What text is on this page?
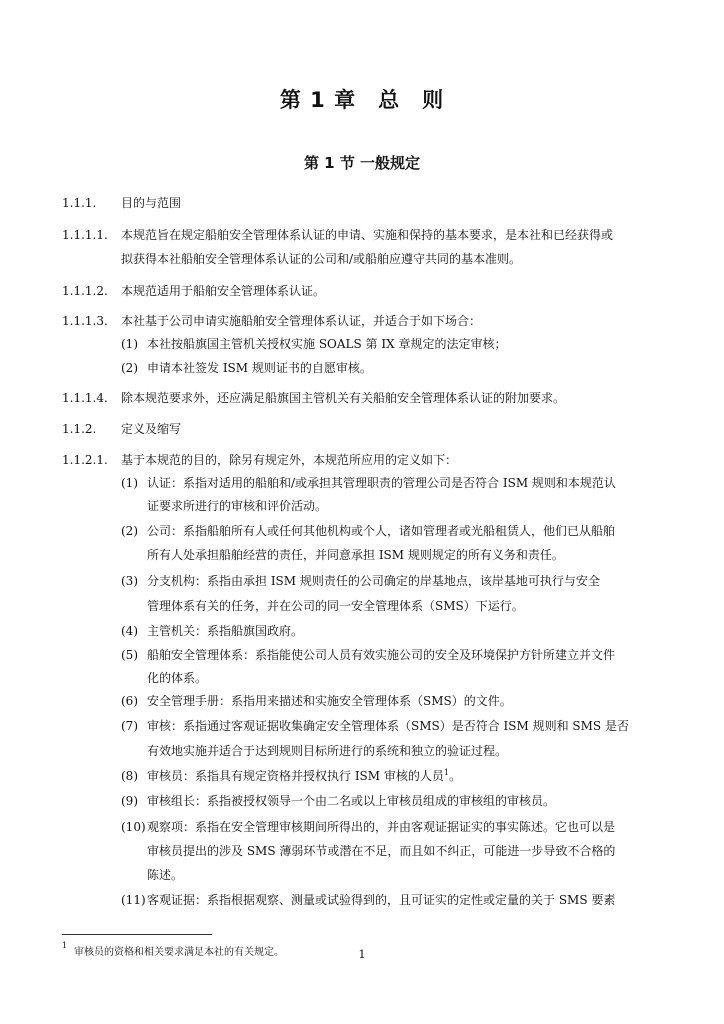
第 1 章　总　则
第 1 节 一般规定
1.1.1. 目的与范围
1.1.1.1. 本规范旨在规定船舶安全管理体系认证的申请、实施和保持的基本要求，是本社和已经获得或
拟获得本社船舶安全管理体系认证的公司和/或船舶应遵守共同的基本准则。
1.1.1.2. 本规范适用于船舶安全管理体系认证。
1.1.1.3. 本社基于公司申请实施船舶安全管理体系认证，并适合于如下场合：
(1) 本社按船旗国主管机关授权实施 SOALS 第 IX 章规定的法定审核；
(2) 申请本社签发 ISM 规则证书的自愿审核。
1.1.1.4. 除本规范要求外，还应满足船旗国主管机关有关船舶安全管理体系认证的附加要求。
1.1.2. 定义及缩写
1.1.2.1. 基于本规范的目的，除另有规定外，本规范所应用的定义如下：
(1) 认证：系指对适用的船舶和/或承担其管理职责的管理公司是否符合 ISM 规则和本规范认
证要求所进行的审核和评价活动。
(2) 公司：系指船舶所有人或任何其他机构或个人，诸如管理者或光船租赁人，他们已从船舶
所有人处承担船舶经营的责任，并同意承担 ISM 规则规定的所有义务和责任。
(3) 分支机构：系指由承担 ISM 规则责任的公司确定的岸基地点，该岸基地可执行与安全
管理体系有关的任务，并在公司的同一安全管理体系（SMS）下运行。
(4) 主管机关：系指船旗国政府。
(5) 船舶安全管理体系：系指能使公司人员有效实施公司的安全及环境保护方针所建立并文件
化的体系。
(6) 安全管理手册：系指用来描述和实施安全管理体系（SMS）的文件。
(7) 审核：系指通过客观证据收集确定安全管理体系（SMS）是否符合 ISM 规则和 SMS 是否
有效地实施并适合于达到规则目标所进行的系统和独立的验证过程。
(8) 审核员：系指具有规定资格并授权执行 ISM 审核的人员$^1$。
(9) 审核组长：系指被授权领导一个由二名或以上审核员组成的审核组的审核员。
(10) 观察项：系指在安全管理审核期间所得出的，并由客观证据证实的事实陈述。它也可以是
审核员提出的涉及 SMS 薄弱环节或潜在不足，而且如不纠正，可能进一步导致不合格的
陈述。
(11) 客观证据：系指根据观察、测量或试验得到的，且可证实的定性或定量的关于 SMS 要素
1
审核员的资格和相关要求满足本社的有关规定。	1
